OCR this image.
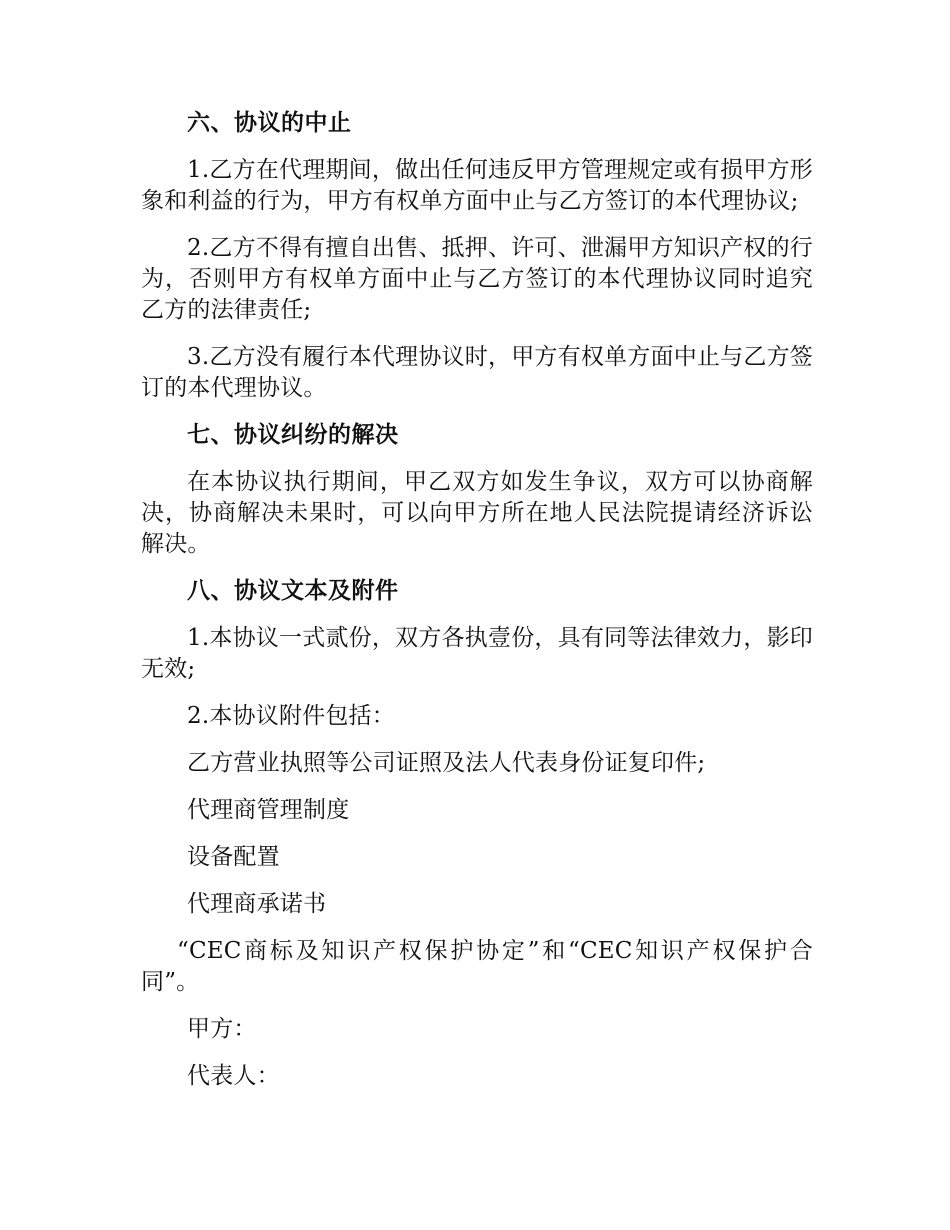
六、协议的中止
1.乙方在代理期间，做出任何违反甲方管理规定或有损甲方形象和利益的行为，甲方有权单方面中止与乙方签订的本代理协议;
2.乙方不得有擅自出售、抵押、许可、泄漏甲方知识产权的行为，否则甲方有权单方面中止与乙方签订的本代理协议同时追究乙方的法律责任;
3.乙方没有履行本代理协议时，甲方有权单方面中止与乙方签订的本代理协议。
七、协议纠纷的解决
在本协议执行期间，甲乙双方如发生争议，双方可以协商解决，协商解决未果时，可以向甲方所在地人民法院提请经济诉讼解决。
八、协议文本及附件
1.本协议一式贰份，双方各执壹份，具有同等法律效力，影印无效;
2.本协议附件包括：
乙方营业执照等公司证照及法人代表身份证复印件;
代理商管理制度
设备配置
代理商承诺书
“CEC商标及知识产权保护协定”和“CEC知识产权保护合同”。
甲方：
代表人：
